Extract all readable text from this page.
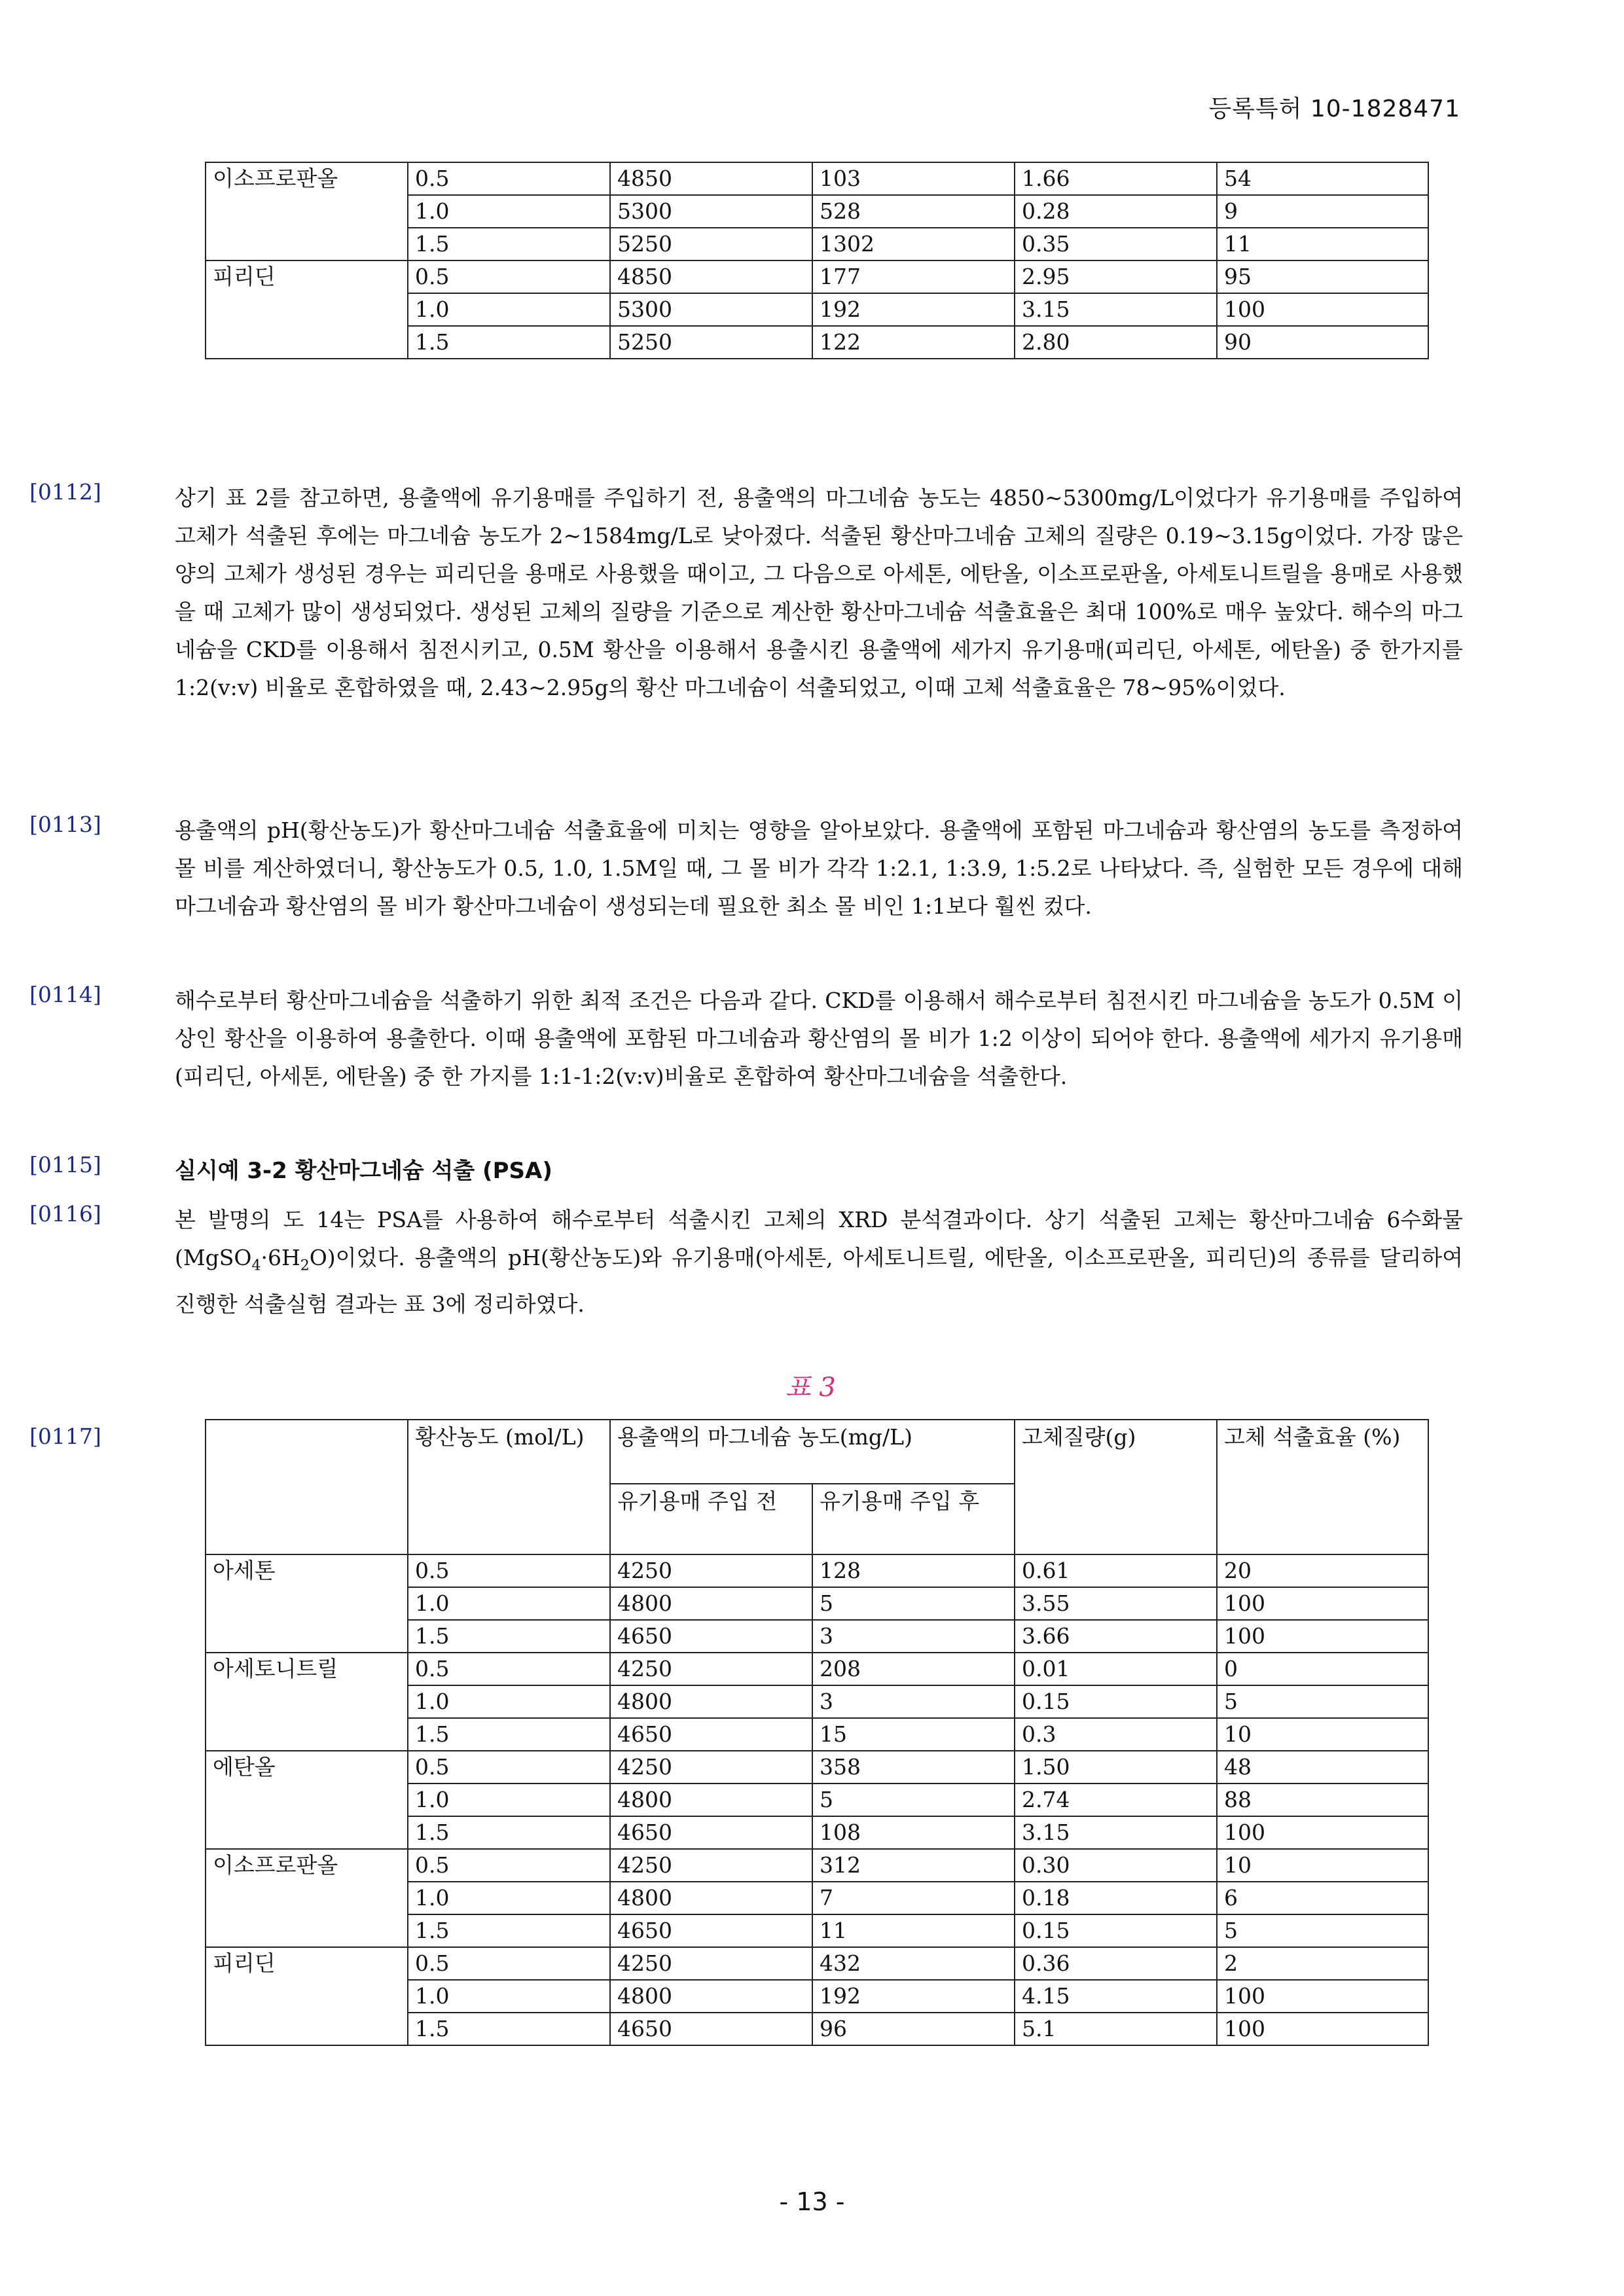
등록특허 10-1828471
이소프로판올	0.5	4850	103	1.66	54
	1.0	5300	528	0.28	9
	1.5	5250	1302	0.35	11
피리딘	0.5	4850	177	2.95	95
	1.0	5300	192	3.15	100
	1.5	5250	122	2.80	90
[0112]	상기 표 2를 참고하면, 용출액에 유기용매를 주입하기 전, 용출액의 마그네슘 농도는 4850~5300mg/L이었다가 유기용매를 주입하여 고체가 석출된 후에는 마그네슘 농도가 2~1584mg/L로 낮아졌다. 석출된 황산마그네슘 고체의 질량은 0.19~3.15g이었다. 가장 많은 양의 고체가 생성된 경우는 피리딘을 용매로 사용했을 때이고, 그 다음으로 아세톤, 에탄올, 이소프로판올, 아세토니트릴을 용매로 사용했을 때 고체가 많이 생성되었다. 생성된 고체의 질량을 기준으로 계산한 황산마그네슘 석출효율은 최대 100%로 매우 높았다. 해수의 마그네슘을 CKD를 이용해서 침전시키고, 0.5M 황산을 이용해서 용출시킨 용출액에 세가지 유기용매(피리딘, 아세톤, 에탄올) 중 한가지를 1:2(v:v) 비율로 혼합하였을 때, 2.43~2.95g의 황산 마그네슘이 석출되었고, 이때 고체 석출효율은 78~95%이었다.
[0113]	용출액의 pH(황산농도)가 황산마그네슘 석출효율에 미치는 영향을 알아보았다. 용출액에 포함된 마그네슘과 황산염의 농도를 측정하여 몰 비를 계산하였더니, 황산농도가 0.5, 1.0, 1.5M일 때, 그 몰 비가 각각 1:2.1, 1:3.9, 1:5.2로 나타났다. 즉, 실험한 모든 경우에 대해 마그네슘과 황산염의 몰 비가 황산마그네슘이 생성되는데 필요한 최소 몰 비인 1:1보다 훨씬 컸다.
[0114]	해수로부터 황산마그네슘을 석출하기 위한 최적 조건은 다음과 같다. CKD를 이용해서 해수로부터 침전시킨 마그네슘을 농도가 0.5M 이상인 황산을 이용하여 용출한다. 이때 용출액에 포함된 마그네슘과 황산염의 몰 비가 1:2 이상이 되어야 한다. 용출액에 세가지 유기용매(피리딘, 아세톤, 에탄올) 중 한 가지를 1:1-1:2(v:v)비율로 혼합하여 황산마그네슘을 석출한다.
[0115]	실시예 3-2 황산마그네슘 석출 (PSA)
[0116]	본 발명의 도 14는 PSA를 사용하여 해수로부터 석출시킨 고체의 XRD 분석결과이다. 상기 석출된 고체는 황산마그네슘 6수화물$(MgSO_4\cdot 6H_2O)$이었다. 용출액의 pH(황산농도)와 유기용매(아세톤, 아세토니트릴, 에탄올, 이소프로판올, 피리딘)의 종류를 달리하여 진행한 석출실험 결과는 표 3에 정리하였다.
표 3
[0117]
		황산농도 (mol/L)	용출액의 마그네슘 농도(mg/L)		고체질량(g)	고체 석출효율 (%)
		유기용매 주입 전	유기용매 주입 후		
아세톤	0.5	4250	128	0.61	20
	1.0	4800	5	3.55	100
	1.5	4650	3	3.66	100
아세토니트릴	0.5	4250	208	0.01	0
	1.0	4800	3	0.15	5
	1.5	4650	15	0.3	10
에탄올	0.5	4250	358	1.50	48
	1.0	4800	5	2.74	88
	1.5	4650	108	3.15	100
이소프로판올	0.5	4250	312	0.30	10
	1.0	4800	7	0.18	6
	1.5	4650	11	0.15	5
피리딘	0.5	4250	432	0.36	2
	1.0	4800	192	4.15	100
	1.5	4650	96	5.1	100
- 13 -
